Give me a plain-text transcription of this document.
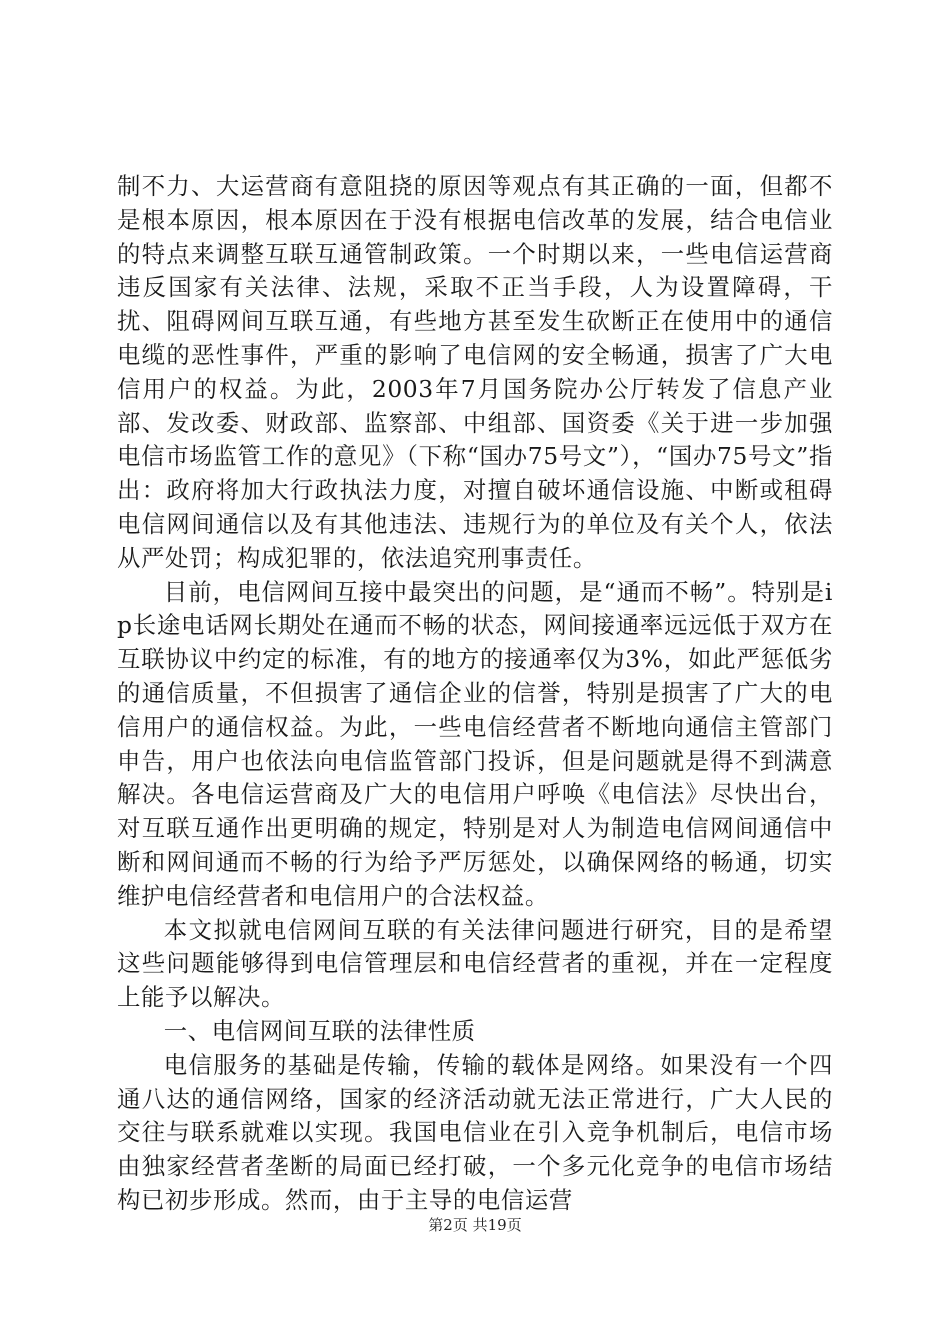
制不力、大运营商有意阻挠的原因等观点有其正确的一面，但都不是根本原因，根本原因在于没有根据电信改革的发展，结合电信业的特点来调整互联互通管制政策。一个时期以来，一些电信运营商违反国家有关法律、法规，采取不正当手段，人为设置障碍，干扰、阻碍网间互联互通，有些地方甚至发生砍断正在使用中的通信电缆的恶性事件，严重的影响了电信网的安全畅通，损害了广大电信用户的权益。为此，2003年7月国务院办公厅转发了信息产业部、发改委、财政部、监察部、中组部、国资委《关于进一步加强电信市场监管工作的意见》（下称“国办75号文”），“国办75号文”指出：政府将加大行政执法力度，对擅自破坏通信设施、中断或租碍电信网间通信以及有其他违法、违规行为的单位及有关个人，依法从严处罚；构成犯罪的，依法追究刑事责任。

目前，电信网间互接中最突出的问题，是“通而不畅”。特别是ip长途电话网长期处在通而不畅的状态，网间接通率远远低于双方在互联协议中约定的标准，有的地方的接通率仅为3%，如此严惩低劣的通信质量，不但损害了通信企业的信誉，特别是损害了广大的电信用户的通信权益。为此，一些电信经营者不断地向通信主管部门申告，用户也依法向电信监管部门投诉，但是问题就是得不到满意解决。各电信运营商及广大的电信用户呼唤《电信法》尽快出台，对互联互通作出更明确的规定，特别是对人为制造电信网间通信中断和网间通而不畅的行为给予严厉惩处，以确保网络的畅通，切实维护电信经营者和电信用户的合法权益。

本文拟就电信网间互联的有关法律问题进行研究，目的是希望这些问题能够得到电信管理层和电信经营者的重视，并在一定程度上能予以解决。

一、电信网间互联的法律性质

电信服务的基础是传输，传输的载体是网络。如果没有一个四通八达的通信网络，国家的经济活动就无法正常进行，广大人民的交往与联系就难以实现。我国电信业在引入竞争机制后，电信市场由独家经营者垄断的局面已经打破，一个多元化竞争的电信市场结构已初步形成。然而，由于主导的电信运营

第2页 共19页
